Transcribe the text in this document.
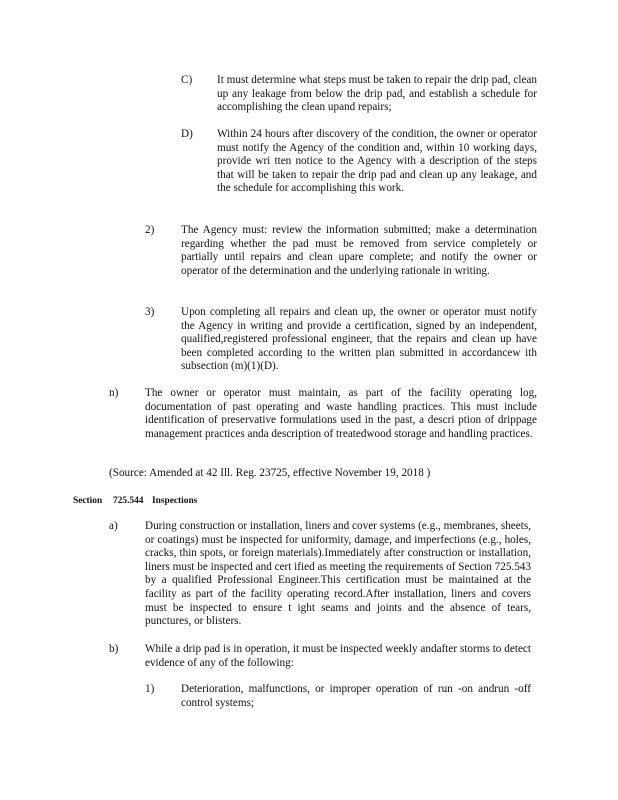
C) It must determine what steps must be taken to repair the drip pad, clean up any leakage from below the drip pad, and establish a schedule for accomplishing the clean upand repairs;
D) Within 24 hours after discovery of the condition, the owner or operator must notify the Agency of the condition and, within 10 working days, provide wri tten notice to the Agency with a description of the steps that will be taken to repair the drip pad and clean up any leakage, and the schedule for accomplishing this work.
2) The Agency must: review the information submitted; make a determination regarding whether the pad must be removed from service completely or partially until repairs and clean upare complete; and notify the owner or operator of the determination and the underlying rationale in writing.
3) Upon completing all repairs and clean up, the owner or operator must notify the Agency in writing and provide a certification, signed by an independent, qualified,registered professional engineer, that the repairs and clean up have been completed according to the written plan submitted in accordancew ith subsection (m)(1)(D).
n) The owner or operator must maintain, as part of the facility operating log, documentation of past operating and waste handling practices. This must include identification of preservative formulations used in the past, a descri ption of drippage management practices anda description of treatedwood storage and handling practices.
(Source: Amended at 42 Ill. Reg. 23725, effective November 19, 2018 )
Section 725.544 Inspections
a) During construction or installation, liners and cover systems (e.g., membranes, sheets, or coatings) must be inspected for uniformity, damage, and imperfections (e.g., holes, cracks, thin spots, or foreign materials).Immediately after construction or installation, liners must be inspected and cert ified as meeting the requirements of Section 725.543 by a qualified Professional Engineer.This certification must be maintained at the facility as part of the facility operating record.After installation, liners and covers must be inspected to ensure t ight seams and joints and the absence of tears, punctures, or blisters.
b) While a drip pad is in operation, it must be inspected weekly andafter storms to detect evidence of any of the following:
1) Deterioration, malfunctions, or improper operation of run -on andrun -off control systems;
